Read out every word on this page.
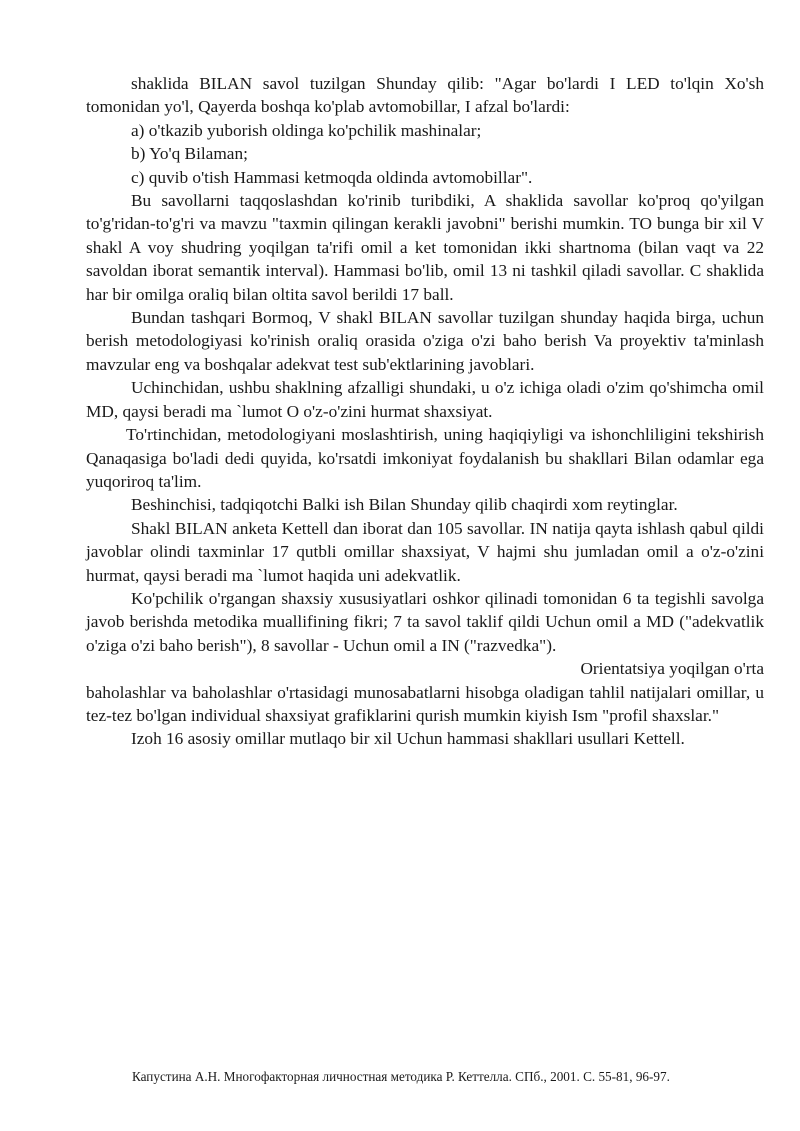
shaklida BILAN savol tuzilgan Shunday qilib: "Agar bo'lardi I LED to'lqin Xo'sh tomonidan yo'l, Qayerda boshqa ko'plab avtomobillar, I afzal bo'lardi:

a) o'tkazib yuborish oldinga ko'pchilik mashinalar;

b) Yo'q Bilaman;

c) quvib o'tish Hammasi ketmoqda oldinda avtomobillar".

Bu savollarni taqqoslashdan ko'rinib turibdiki, A shaklida savollar ko'proq qo'yilgan to'g'ridan-to'g'ri va mavzu "taxmin qilingan kerakli javobni" berishi mumkin. TO bunga bir xil V shakl A voy shudring yoqilgan ta'rifi omil a ket tomonidan ikki shartnoma (bilan vaqt va 22 savoldan iborat semantik interval). Hammasi bo'lib, omil 13 ni tashkil qiladi savollar. C shaklida har bir omilga oraliq bilan oltita savol berildi 17 ball.

Bundan tashqari Bormoq, V shakl BILAN savollar tuzilgan shunday haqida birga, uchun berish metodologiyasi ko'rinish oraliq orasida o'ziga o'zi baho berish Va proyektiv ta'minlash mavzular eng va boshqalar adekvat test sub'ektlarining javoblari.

Uchinchidan, ushbu shaklning afzalligi shundaki, u o'z ichiga oladi o'zim qo'shimcha omil MD, qaysi beradi ma `lumot O o'z-o'zini hurmat shaxsiyat.

To'rtinchidan, metodologiyani moslashtirish, uning haqiqiyligi va ishonchliligini tekshirish Qanaqasiga bo'ladi dedi quyida, ko'rsatdi imkoniyat foydalanish bu shakllari Bilan odamlar ega yuqoriroq ta'lim.

Beshinchisi, tadqiqotchi Balki ish Bilan Shunday qilib chaqirdi xom reytinglar.

Shakl BILAN anketa Kettell dan iborat dan 105 savollar. IN natija qayta ishlash qabul qildi javoblar olindi taxminlar 17 qutbli omillar shaxsiyat, V hajmi shu jumladan omil a o'z-o'zini hurmat, qaysi beradi ma `lumot haqida uni adekvatlik.

Ko'pchilik o'rgangan shaxsiy xususiyatlari oshkor qilinadi tomonidan 6 ta tegishli savolga javob berishda metodika muallifining fikri; 7 ta savol taklif qildi Uchun omil a MD ("adekvatlik o'ziga o'zi baho berish"), 8 savollar - Uchun omil a IN ("razvedka").

Orientatsiya yoqilgan o'rta

baholashlar va baholashlar o'rtasidagi munosabatlarni hisobga oladigan tahlil natijalari omillar, u tez-tez bo'lgan individual shaxsiyat grafiklarini qurish mumkin kiyish Ism "profil shaxslar."

Izoh 16 asosiy omillar mutlaqo bir xil Uchun hammasi shakllari usullari Kettell.

Капустина А.Н. Многофакторная личностная методика Р. Кеттелла. СПб., 2001. С. 55-81, 96-97.
